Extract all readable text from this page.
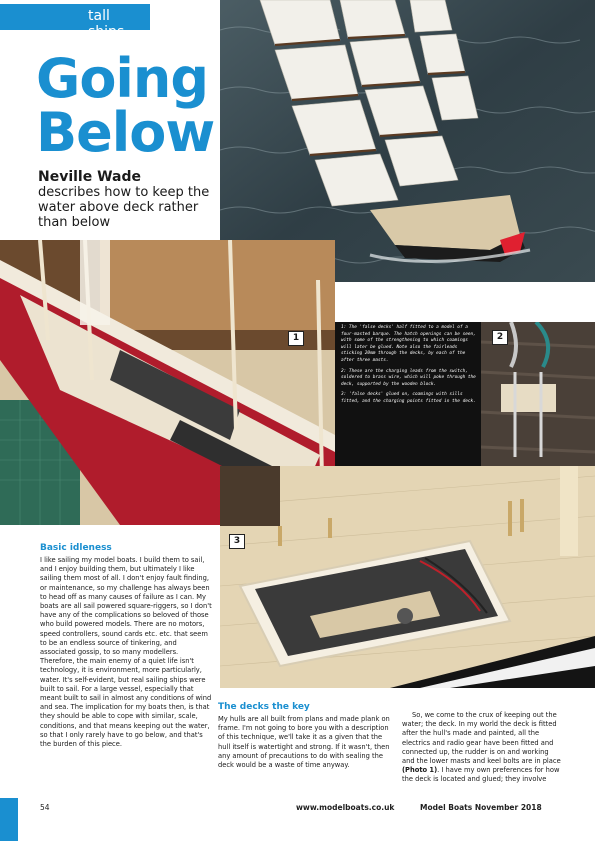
tall ships
Going
Below
Neville Wade
describes how to keep the water above deck rather than below
1

1: The 'false decks' half fitted to a model of a four-masted barque. The hatch openings can be seen, with some of the strengthening to which coamings will later be glued. Note also the fairleads sticking 20mm through the decks, by each of the after three masts.

2: These are the charging leads from the switch, soldered to brass wire, which will poke through the deck, supported by the wooden block.

3: 'false decks' glued on, coamings with sills fitted, and the charging points fitted in the deck.

2
3
Basic idleness

I like sailing my model boats. I build them to sail, and I enjoy building them, but ultimately I like sailing them most of all. I don't enjoy fault finding, or maintenance, so my challenge has always been to head off as many causes of failure as I can. My boats are all sail powered square-riggers, so I don't have any of the complications so beloved of those who build powered models. There are no motors, speed controllers, sound cards etc. etc. that seem to be an endless source of tinkering, and associated gossip, to so many modellers. Therefore, the main enemy of a quiet life isn't technology, it is environment, more particularly, water. It's self-evident, but real sailing ships were built to sail. For a large vessel, especially that meant built to sail in almost any conditions of wind and sea. The implication for my boats then, is that they should be able to cope with similar, scale, conditions, and that means keeping out the water, so that I only rarely have to go below, and that's the burden of this piece.

The decks the key

My hulls are all built from plans and made plank on frame. I'm not going to bore you with a description of this technique, we'll take it as a given that the hull itself is watertight and strong. If it wasn't, then any amount of precautions to do with sealing the deck would be a waste of time anyway.

So, we come to the crux of keeping out the water; the deck. In my world the deck is fitted after the hull's made and painted, all the electrics and radio gear have been fitted and connected up, the rudder is on and working and the lower masts and keel bolts are in place (Photo 1). I have my own preferences for how the deck is located and glued; they involve

54	www.modelboats.co.uk	Model Boats November 2018
